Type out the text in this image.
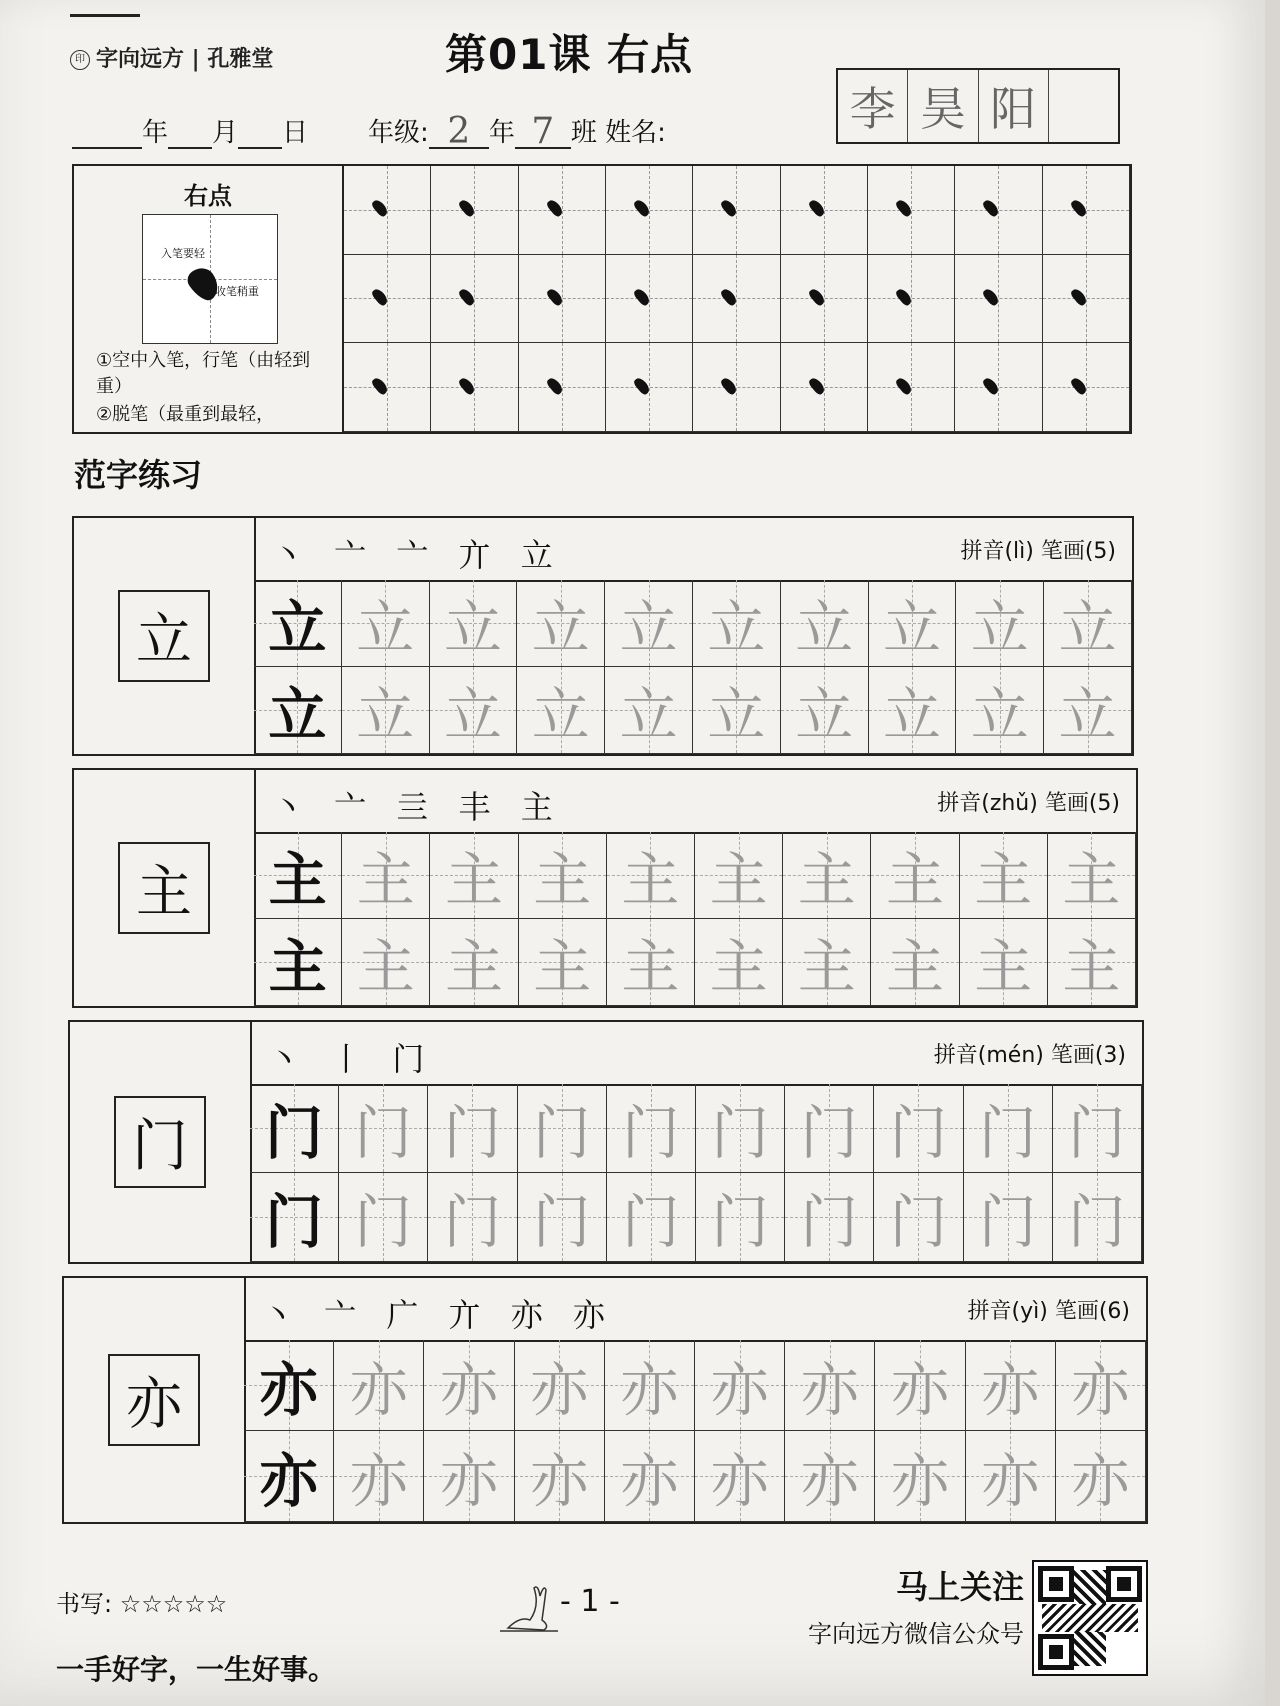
印 字向远方 | 孔雅堂	第01课 右点
年 月 日 年级: 2 年 7 班 姓名:	李 昊 阳
右点
入笔要轻
收笔稍重
①空中入笔，行笔（由轻到重）
②脱笔（最重到最轻，
范字练习
立
丶 亠 亠 亣 立	拼音(lì) 笔画(5)
立 立 立 立 立 立 立 立 立 立
立 立 立 立 立 立 立 立 立 立
主
丶 亠 亖 丰 主	拼音(zhǔ) 笔画(5)
主 主 主 主 主 主 主 主 主 主
主 主 主 主 主 主 主 主 主 主
门
丶 丨 门	拼音(mén) 笔画(3)
门 门 门 门 门 门 门 门 门 门
门 门 门 门 门 门 门 门 门 门
亦
丶 亠 广 亣 亦 亦	拼音(yì) 笔画(6)
亦 亦 亦 亦 亦 亦 亦 亦 亦 亦
亦 亦 亦 亦 亦 亦 亦 亦 亦 亦
书写: ☆☆☆☆☆
一手好字，一生好事。
- 1 -	马上关注
字向远方微信公众号
